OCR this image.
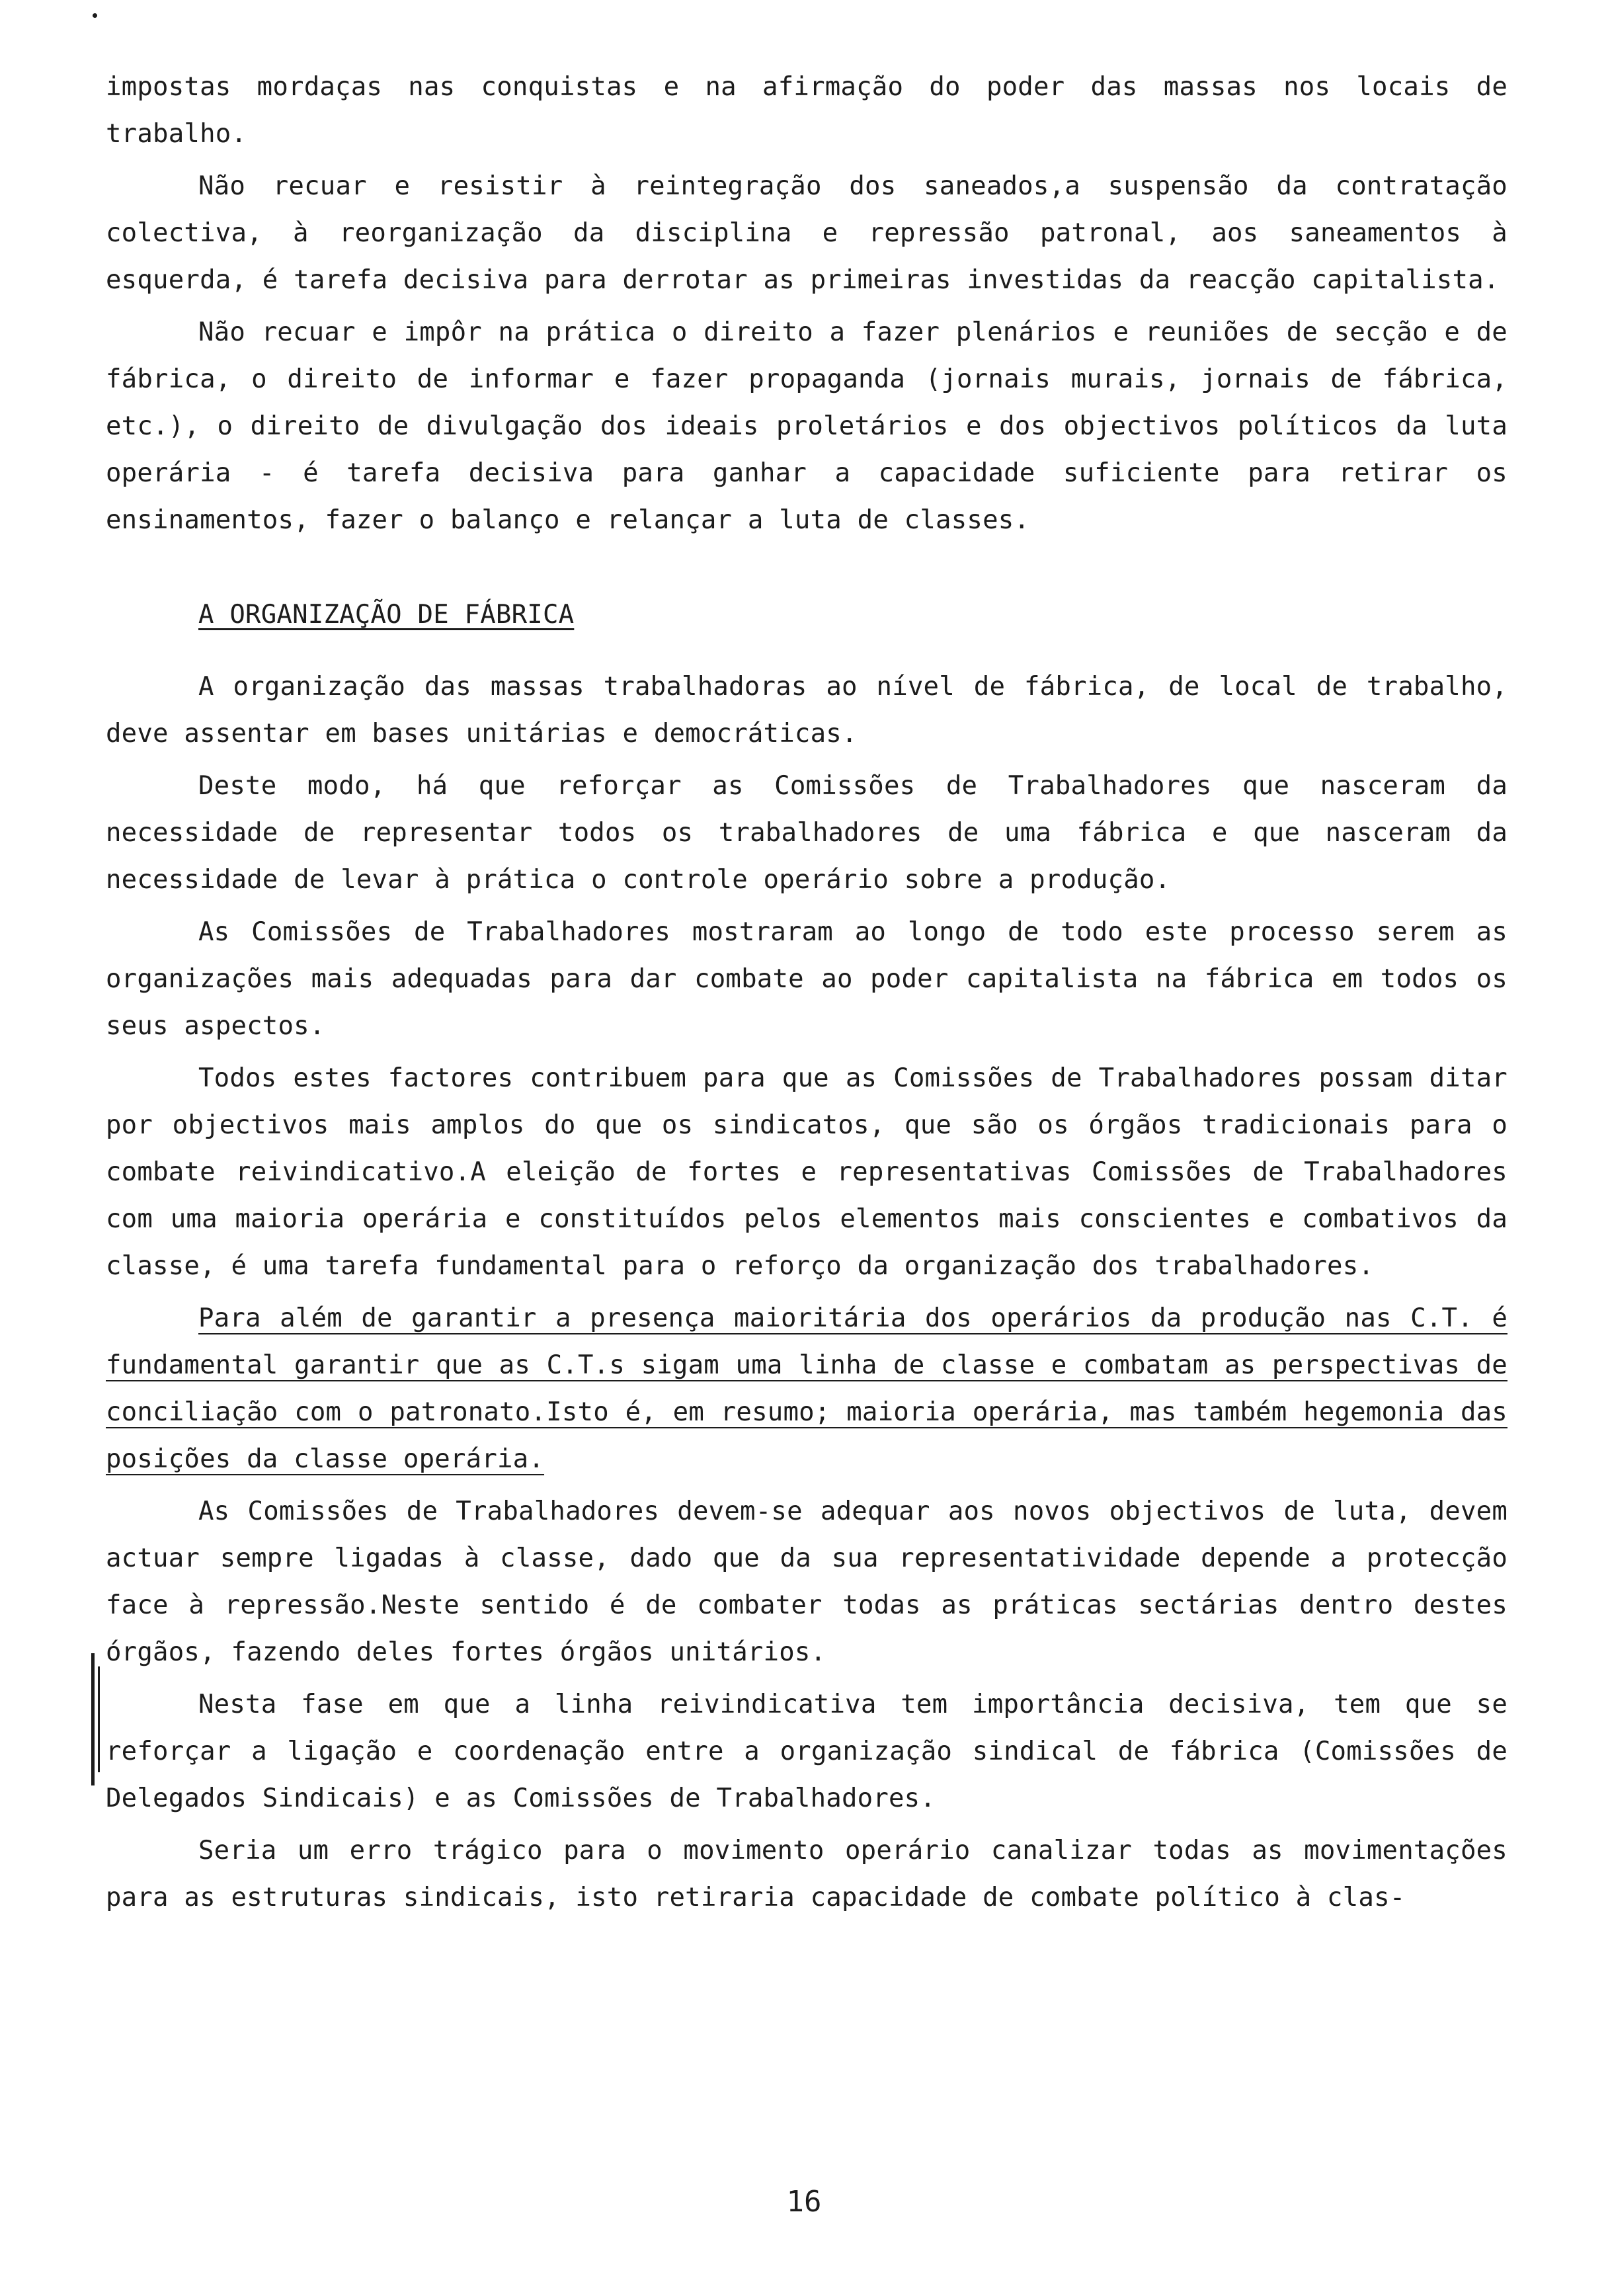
impostas mordaças nas conquistas e na afirmação do poder das massas nos locais de trabalho.

Não recuar e resistir à reintegração dos saneados,a suspensão da contratação colectiva, à reorganização da disciplina e repressão patronal, aos saneamentos à esquerda, é tarefa decisiva para derrotar as primeiras investidas da reacção capitalista.

Não recuar e impôr na prática o direito a fazer plenários e reuniões de secção e de fábrica, o direito de informar e fazer propaganda (jornais murais, jornais de fábrica, etc.), o direito de divulgação dos ideais proletários e dos objectivos políticos da luta operária - é tarefa decisiva para ganhar a capacidade suficiente para retirar os ensinamentos, fazer o balanço e relançar a luta de classes.

A ORGANIZAÇÃO DE FÁBRICA

A organização das massas trabalhadoras ao nível de fábrica, de local de trabalho, deve assentar em bases unitárias e democráticas.

Deste modo, há que reforçar as Comissões de Trabalhadores que nasceram da necessidade de representar todos os trabalhadores de uma fábrica e que nasceram da necessidade de levar à prática o controle operário sobre a produção.

As Comissões de Trabalhadores mostraram ao longo de todo este processo serem as organizações mais adequadas para dar combate ao poder capitalista na fábrica em todos os seus aspectos.

Todos estes factores contribuem para que as Comissões de Trabalhadores possam ditar por objectivos mais amplos do que os sindicatos, que são os órgãos tradicionais para o combate reivindicativo.A eleição de fortes e representativas Comissões de Trabalhadores com uma maioria operária e constituídos pelos elementos mais conscientes e combativos da classe, é uma tarefa fundamental para o reforço da organização dos trabalhadores.

Para além de garantir a presença maioritária dos operários da produção nas C.T. é fundamental garantir que as C.T.s sigam uma linha de classe e combatam as perspectivas de conciliação com o patronato.Isto é, em resumo; maioria operária, mas também hegemonia das posições da classe operária.

As Comissões de Trabalhadores devem-se adequar aos novos objectivos de luta, devem actuar sempre ligadas à classe, dado que da sua representatividade depende a protecção face à repressão.Neste sentido é de combater todas as práticas sectárias dentro destes órgãos, fazendo deles fortes órgãos unitários.

Nesta fase em que a linha reivindicativa tem importância decisiva, tem que se reforçar a ligação e coordenação entre a organização sindical de fábrica (Comissões de Delegados Sindicais) e as Comissões de Trabalhadores.

Seria um erro trágico para o movimento operário canalizar todas as movimentações para as estruturas sindicais, isto retiraria capacidade de combate político à clas-

16
